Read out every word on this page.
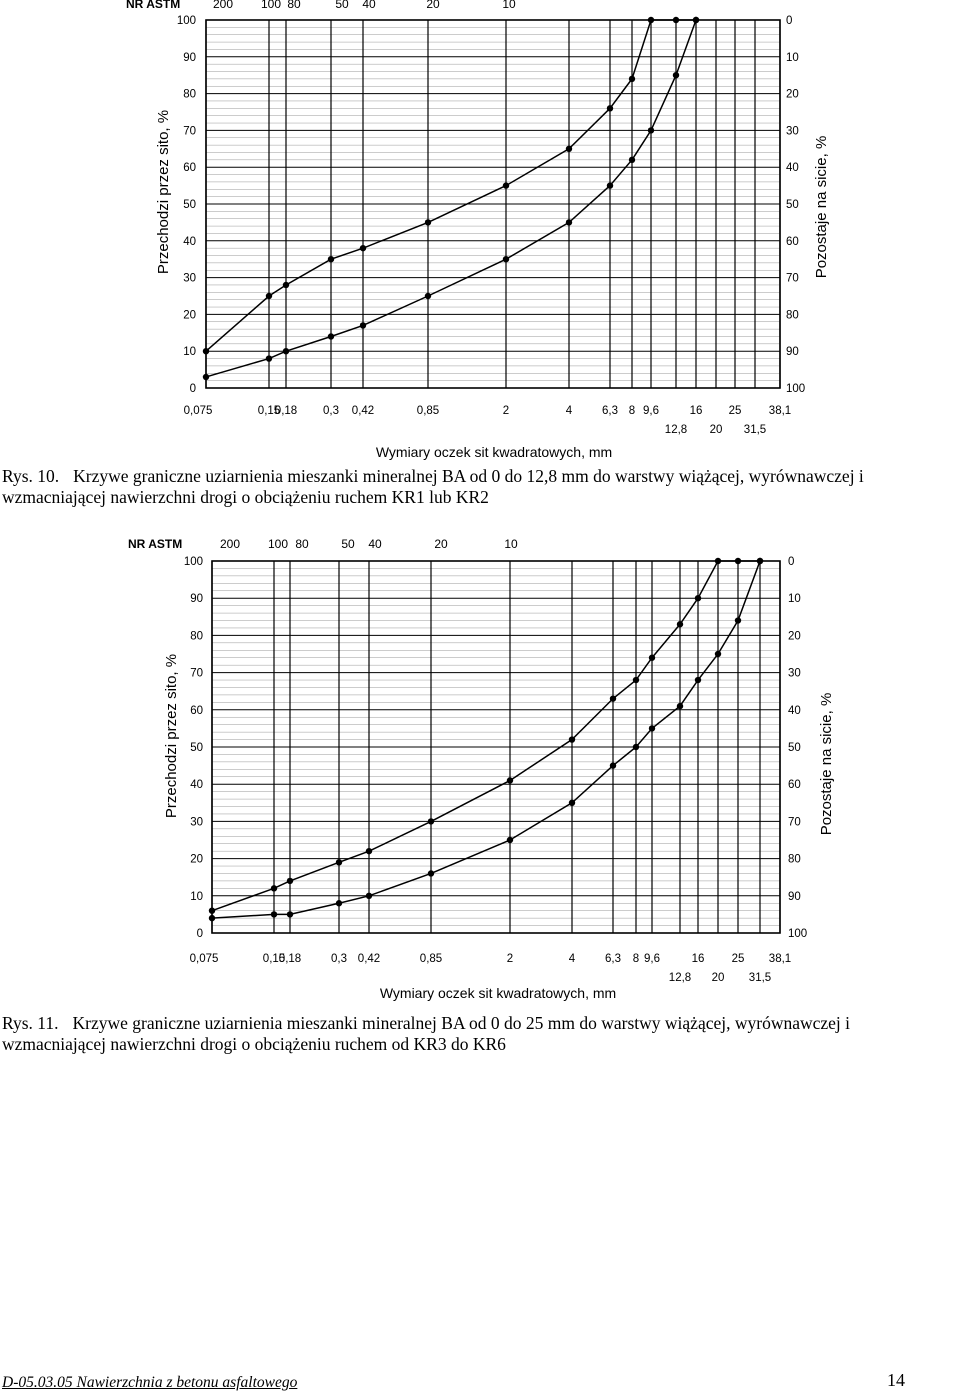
NR ASTM	200 100 80	50 40	20	10
0
10
20
30
40
50
60
70
80
90
100
100
90
80
70
60
50
40
30
20
10
0
0,075	0,15
0,18 0,3 0,42	0,85	2	4	6,3 8 9,6	16 25 38,1
12,8 20 31,5
Przechodzi przez sito, %	Pozostaje na sicie, %
Wymiary oczek sit kwadratowych, mm
Rys. 10. Krzywe graniczne uziarnienia mieszanki mineralnej BA od 0 do 12,8 mm do warstwy wiążącej, wyrównawczej i wzmacniającej nawierzchni drogi o obciążeniu ruchem KR1 lub KR2
NR ASTM	200 100 80	50 40	20	10
0
10
20
30
40
50
60
70
80
90
100
100
90
80
70
60
50
40
30
20
10
0
0,075	0,15
0,18	0,3 0,42	0,85	2	4	6,3 8 9,6	16 25 38,1
12,8 20 31,5
Przechodzi przez sito, %	Pozostaje na sicie, %
Wymiary oczek sit kwadratowych, mm
Rys. 11. Krzywe graniczne uziarnienia mieszanki mineralnej BA od 0 do 25 mm do warstwy wiążącej, wyrównawczej i wzmacniającej nawierzchni drogi o obciążeniu ruchem od KR3 do KR6
D-05.03.05 Nawierzchnia z betonu asfaltowego	14
